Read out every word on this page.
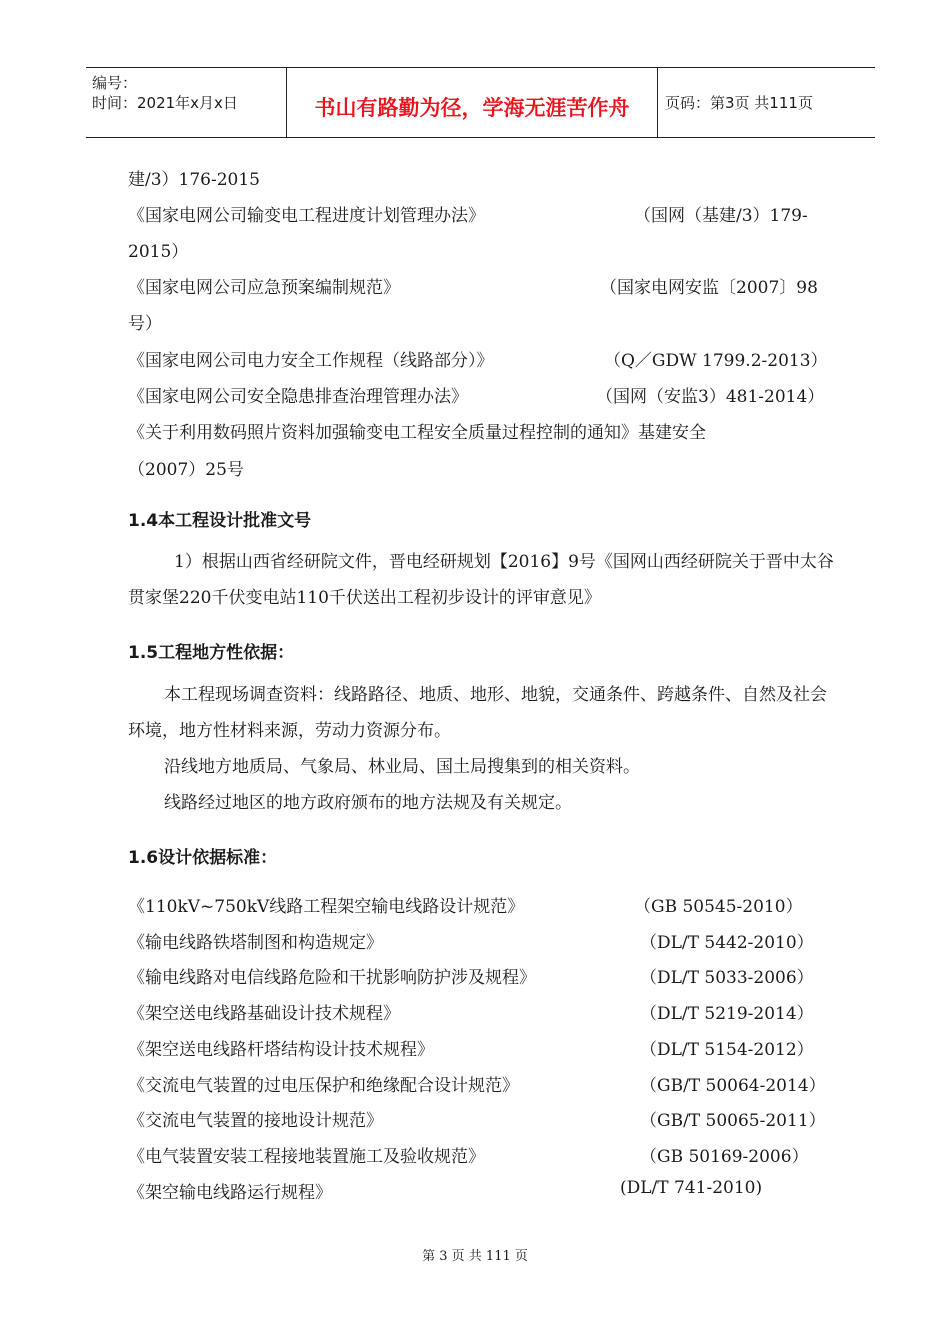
编号：
时间：2021年x月x日	书山有路勤为径，学海无涯苦作舟	页码：第3页 共111页
建/3）176-2015
《国家电网公司输变电工程进度计划管理办法》	（国网（基建/3）179-
2015）
《国家电网公司应急预案编制规范》	（国家电网安监〔2007〕98
号）
《国家电网公司电力安全工作规程（线路部分）》	（Q／GDW 1799.2-2013）
《国家电网公司安全隐患排查治理管理办法》	（国网（安监3）481-2014）
《关于利用数码照片资料加强输变电工程安全质量过程控制的通知》基建安全
（2007）25号
1.4本工程设计批准文号
1）根据山西省经研院文件，晋电经研规划【2016】9号《国网山西经研院关于晋中太谷贯家堡220千伏变电站110千伏送出工程初步设计的评审意见》
1.5工程地方性依据：
本工程现场调查资料：线路路径、地质、地形、地貌，交通条件、跨越条件、自然及社会环境，地方性材料来源，劳动力资源分布。
沿线地方地质局、气象局、林业局、国土局搜集到的相关资料。
线路经过地区的地方政府颁布的地方法规及有关规定。
1.6设计依据标准：
《110kV~750kV线路工程架空输电线路设计规范》	（GB 50545-2010）
《输电线路铁塔制图和构造规定》	（DL/T 5442-2010）
《输电线路对电信线路危险和干扰影响防护涉及规程》	（DL/T 5033-2006）
《架空送电线路基础设计技术规程》	（DL/T 5219-2014）
《架空送电线路杆塔结构设计技术规程》	（DL/T 5154-2012）
《交流电气装置的过电压保护和绝缘配合设计规范》	（GB/T 50064-2014）
《交流电气装置的接地设计规范》	（GB/T 50065-2011）
《电气装置安装工程接地装置施工及验收规范》	（GB 50169-2006）
《架空输电线路运行规程》	(DL/T 741-2010)
第 3 页 共 111 页
